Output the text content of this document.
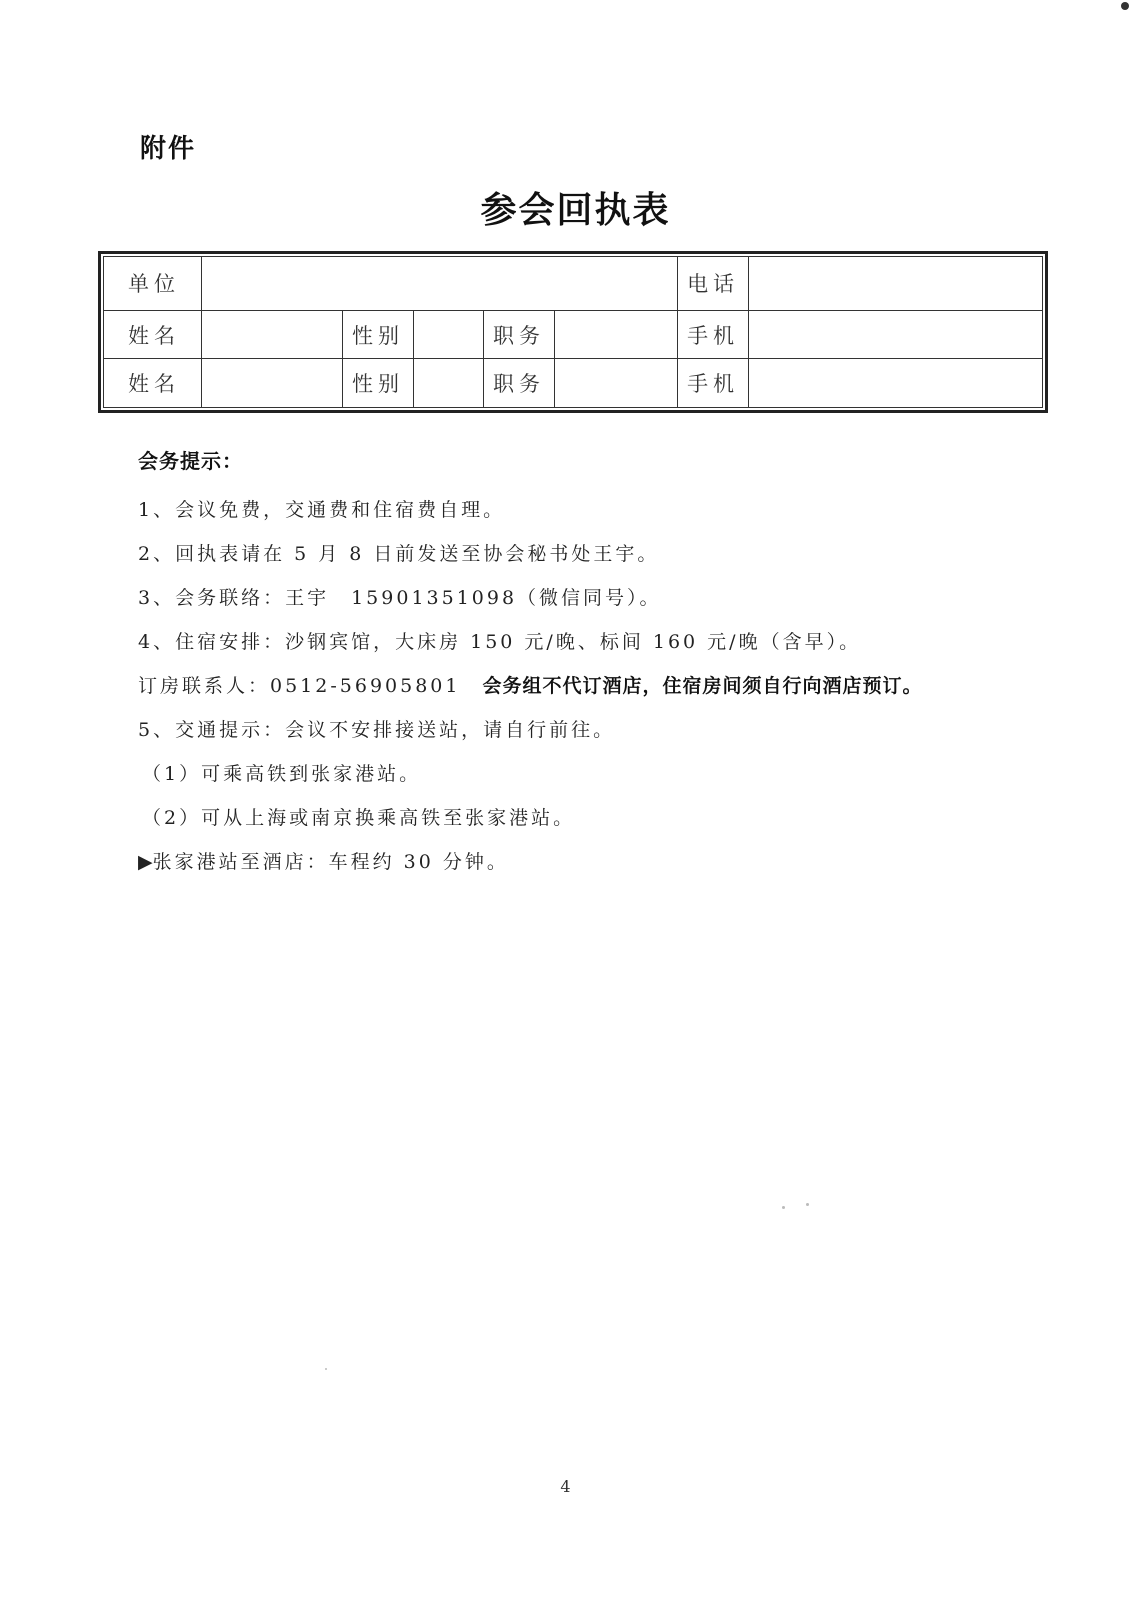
附件
参会回执表
单位						电话	

姓名		性别		职务		手机	

姓名		性别		职务		手机	
会务提示：
1、会议免费，交通费和住宿费自理。
2、回执表请在 5 月 8 日前发送至协会秘书处王宇。
3、会务联络：王宇　15901351098（微信同号）。
4、住宿安排：沙钢宾馆，大床房 150 元/晚、标间 160 元/晚（含早）。
订房联系人：0512-56905801 会务组不代订酒店，住宿房间须自行向酒店预订。
5、交通提示：会议不安排接送站，请自行前往。
（1）可乘高铁到张家港站。
（2）可从上海或南京换乘高铁至张家港站。
▶张家港站至酒店：车程约 30 分钟。
4
